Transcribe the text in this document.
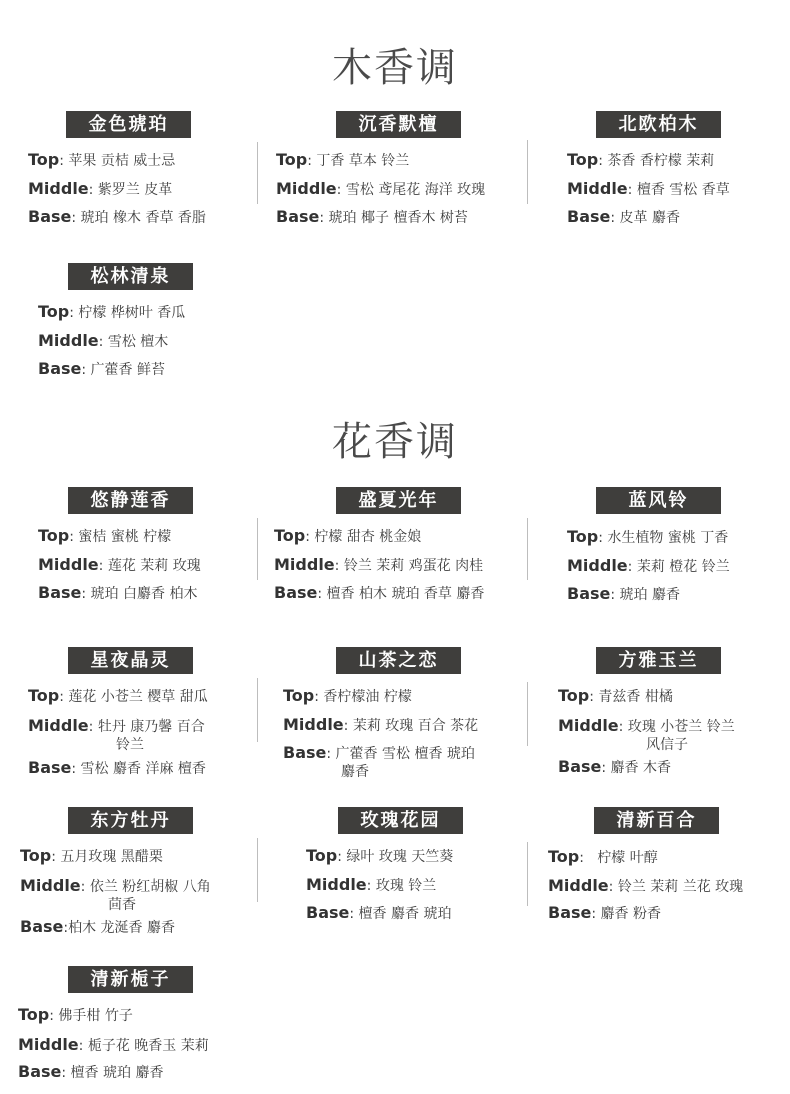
木香调
花香调
金色琥珀
Top: 苹果 贡桔 威士忌
Middle: 紫罗兰 皮革
Base: 琥珀 橡木 香草 香脂
沉香默檀
Top: 丁香 草本 铃兰
Middle: 雪松 鸢尾花 海洋 玫瑰
Base: 琥珀 椰子 檀香木 树苔
北欧柏木
Top: 茶香 香柠檬 茉莉
Middle: 檀香 雪松 香草
Base: 皮革 麝香
松林清泉
Top: 柠檬 桦树叶 香瓜
Middle: 雪松 檀木
Base: 广藿香 鲜苔
悠静莲香
Top: 蜜桔 蜜桃 柠檬
Middle: 莲花 茉莉 玫瑰
Base: 琥珀 白麝香 柏木
盛夏光年
Top: 柠檬 甜杏 桃金娘
Middle: 铃兰 茉莉 鸡蛋花 肉桂
Base: 檀香 柏木 琥珀 香草 麝香
蓝风铃
Top: 水生植物 蜜桃 丁香
Middle: 茉莉 橙花 铃兰
Base: 琥珀 麝香
星夜晶灵
Top: 莲花 小苍兰 樱草 甜瓜
Middle: 牡丹 康乃馨 百合
铃兰
Base: 雪松 麝香 洋麻 檀香
山茶之恋
Top: 香柠檬油 柠檬
Middle: 茉莉 玫瑰 百合 茶花
Base: 广藿香 雪松 檀香 琥珀
麝香
方雅玉兰
Top: 青兹香 柑橘
Middle: 玫瑰 小苍兰 铃兰
风信子
Base: 麝香 木香
东方牡丹
Top: 五月玫瑰 黑醋栗
Middle: 依兰 粉红胡椒 八角
茴香
Base:柏木 龙涎香 麝香
玫瑰花园
Top: 绿叶 玫瑰 天竺葵
Middle: 玫瑰 铃兰
Base: 檀香 麝香 琥珀
清新百合
Top: 柠檬 叶醇
Middle: 铃兰 茉莉 兰花 玫瑰
Base: 麝香 粉香
清新栀子
Top: 佛手柑 竹子
Middle: 栀子花 晚香玉 茉莉
Base: 檀香 琥珀 麝香
